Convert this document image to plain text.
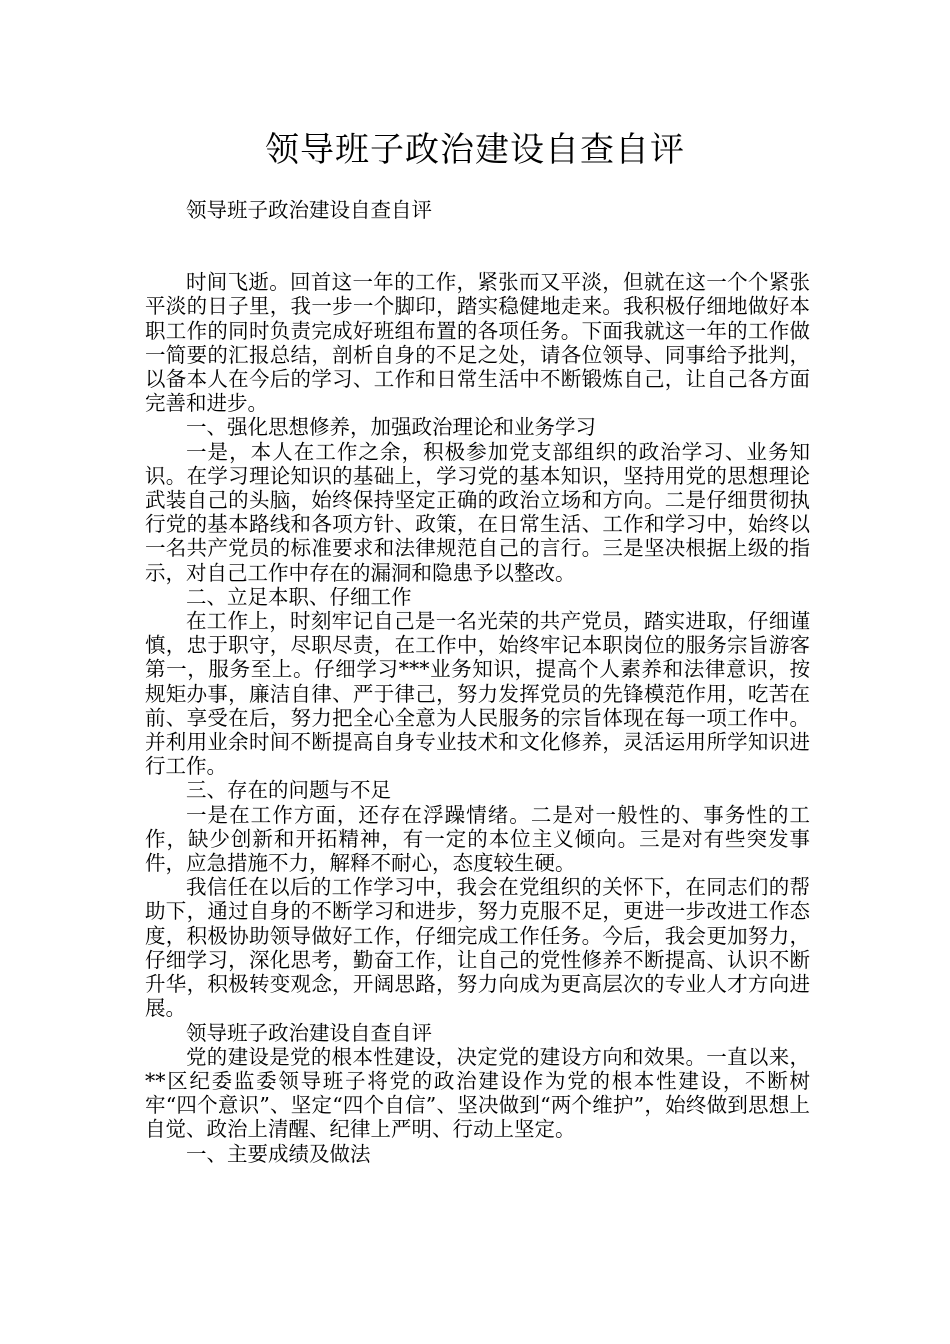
领导班子政治建设自查自评

领导班子政治建设自查自评

时间飞逝。回首这一年的工作，紧张而又平淡，但就在这一个个紧张平淡的日子里，我一步一个脚印，踏实稳健地走来。我积极仔细地做好本职工作的同时负责完成好班组布置的各项任务。下面我就这一年的工作做一简要的汇报总结，剖析自身的不足之处，请各位领导、同事给予批判，以备本人在今后的学习、工作和日常生活中不断锻炼自己，让自己各方面完善和进步。

一、强化思想修养，加强政治理论和业务学习

一是，本人在工作之余，积极参加党支部组织的政治学习、业务知识。在学习理论知识的基础上，学习党的基本知识，坚持用党的思想理论武装自己的头脑，始终保持坚定正确的政治立场和方向。二是仔细贯彻执行党的基本路线和各项方针、政策，在日常生活、工作和学习中，始终以一名共产党员的标准要求和法律规范自己的言行。三是坚决根据上级的指示，对自己工作中存在的漏洞和隐患予以整改。

二、立足本职、仔细工作

在工作上，时刻牢记自己是一名光荣的共产党员，踏实进取，仔细谨慎，忠于职守，尽职尽责，在工作中，始终牢记本职岗位的服务宗旨游客第一，服务至上。仔细学习***业务知识，提高个人素养和法律意识，按规矩办事，廉洁自律、严于律己，努力发挥党员的先锋模范作用，吃苦在前、享受在后，努力把全心全意为人民服务的宗旨体现在每一项工作中。并利用业余时间不断提高自身专业技术和文化修养，灵活运用所学知识进行工作。

三、存在的问题与不足

一是在工作方面，还存在浮躁情绪。二是对一般性的、事务性的工作，缺少创新和开拓精神，有一定的本位主义倾向。三是对有些突发事件，应急措施不力，解释不耐心，态度较生硬。

我信任在以后的工作学习中，我会在党组织的关怀下，在同志们的帮助下，通过自身的不断学习和进步，努力克服不足，更进一步改进工作态度，积极协助领导做好工作，仔细完成工作任务。今后，我会更加努力，仔细学习，深化思考，勤奋工作，让自己的党性修养不断提高、认识不断升华，积极转变观念，开阔思路，努力向成为更高层次的专业人才方向进展。

领导班子政治建设自查自评

党的建设是党的根本性建设，决定党的建设方向和效果。一直以来，**区纪委监委领导班子将党的政治建设作为党的根本性建设，不断树牢“四个意识”、坚定“四个自信”、坚决做到“两个维护”，始终做到思想上自觉、政治上清醒、纪律上严明、行动上坚定。

一、主要成绩及做法
